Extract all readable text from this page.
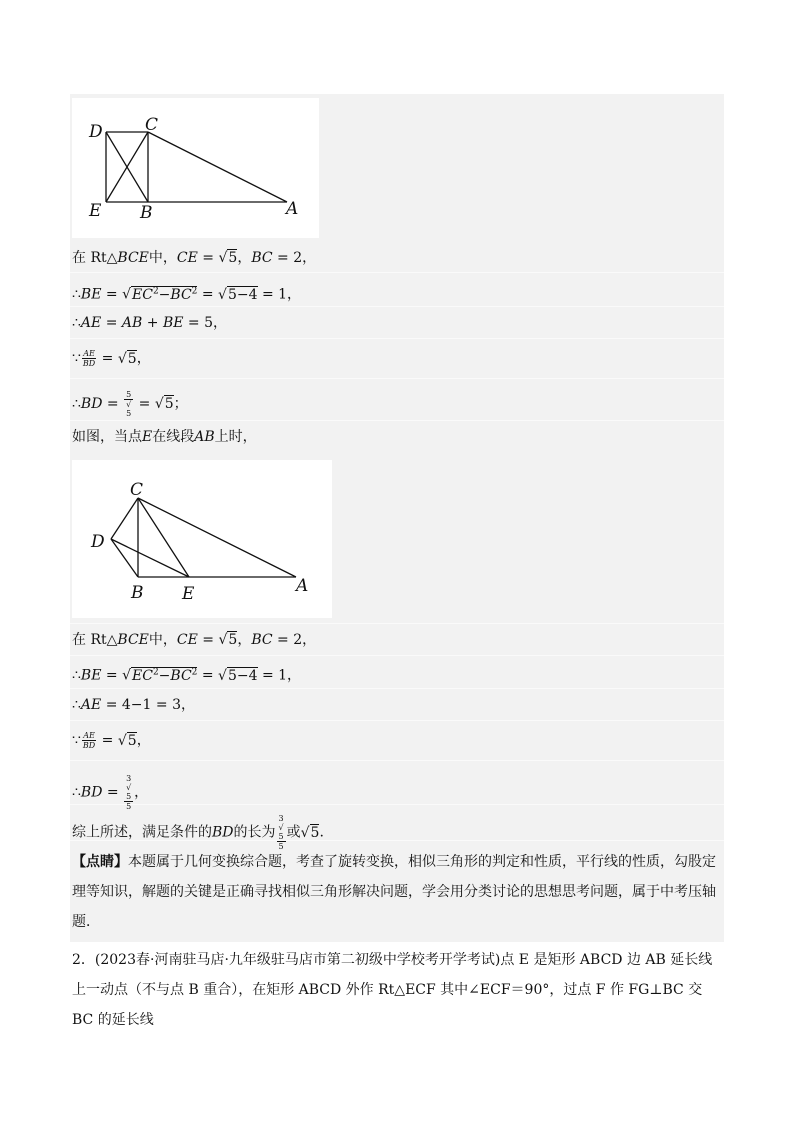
D C
E B	A
在 Rt△BCE中，CE = √5，BC = 2，
∴BE = $√EC^2-BC^2 = √5-4 = 1$，
∴AE = AB + BE = 5，
∵ $\frac{AE}{BD} = √5$，
∴BD = 5
√
5 = √5；
如图，当点E在线段AB上时，
C
D
B E	A
在 Rt△BCE中，CE = √5，BC = 2，
∴BE = $√EC^2-BC^2 = √5-4 = 1$，
∴AE = 4−1 = 3，
∵ $\frac{AE}{BD} = √5$，
∴BD = 3
√
5
5 ，
综上所述，满足条件的BD的长为 3
√
5
5 或√5.
【点睛】本题属于几何变换综合题，考查了旋转变换，相似三角形的判定和性质，平行线的性质，勾股定理等知识，解题的关键是正确寻找相似三角形解决问题，学会用分类讨论的思想思考问题，属于中考压轴题．
2．(2023春·河南驻马店·九年级驻马店市第二初级中学校考开学考试)点 E 是矩形 ABCD 边 AB 延长线上一动点（不与点 B 重合），在矩形 ABCD 外作 Rt△ECF 其中∠ECF＝90°，过点 F 作 FG⊥BC 交 BC 的延长线
